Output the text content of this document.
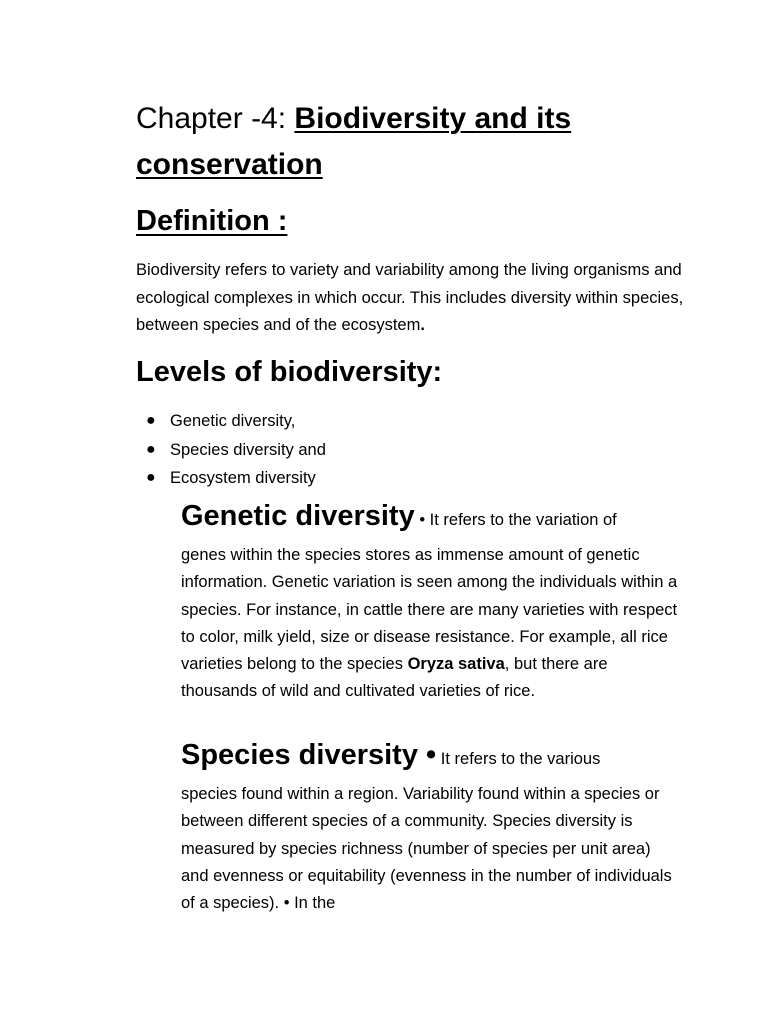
Chapter -4: Biodiversity and its conservation
Definition :

Biodiversity refers to variety and variability among the living organisms and ecological complexes in which occur. This includes diversity within species, between species and of the ecosystem.

Levels of biodiversity:
● Genetic diversity,
● Species diversity and
● Ecosystem diversity
Genetic diversity • It refers to the variation of
genes within the species stores as immense amount of genetic information. Genetic variation is seen among the individuals within a species. For instance, in cattle there are many varieties with respect to color, milk yield, size or disease resistance. For example, all rice varieties belong to the species Oryza sativa, but there are thousands of wild and cultivated varieties of rice.
Species diversity • It refers to the various
species found within a region. Variability found within a species or between different species of a community. Species diversity is measured by species richness (number of species per unit area) and evenness or equitability (evenness in the number of individuals of a species). • In the
